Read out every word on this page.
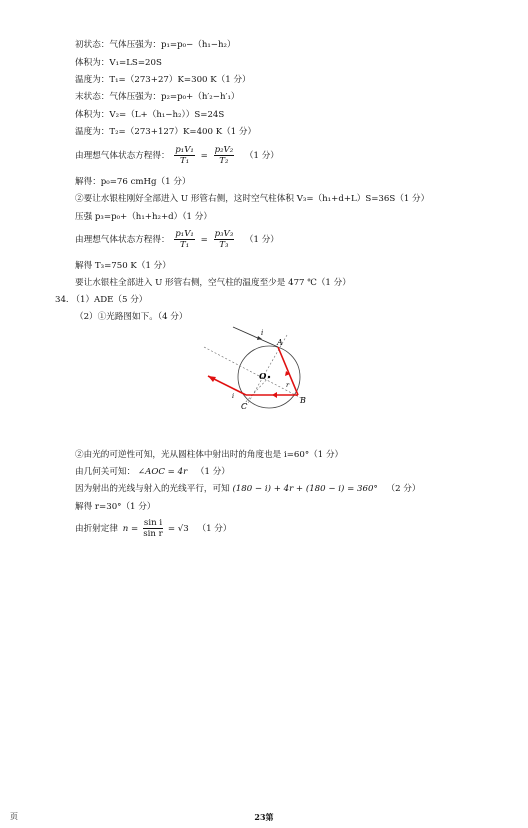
初状态：气体压强为：p₁=p₀−（h₁−h₂）
体积为：V₁=LS=20S
温度为：T₁=（273+27）K=300 K（1 分）
末状态：气体压强为：p₂=p₀+（h′₂−h′₁）
体积为：V₂=（L+（h₁−h₂））S=24S
温度为：T₂=（273+127）K=400 K（1 分）
由理想气体状态方程得： $\frac{\text{p₁V₁}}{\text{T₁}} = \frac{\text{p₂V₂}}{\text{T₂}} (1$ 分）
解得：p₀=76 cmHg（1 分）
②要让水银柱刚好全部进入 U 形管右侧，这时空气柱体积 V₃=（h₁+d+L）S=36S（1 分）
压强 p₃=p₀+（h₁+h₂+d）（1 分）
由理想气体状态方程得： $\frac{\text{p₁V₁}}{\text{T₁}} = \frac{\text{p₃V₃}}{\text{T₃}} (1$ 分）
解得 T₃=750 K（1 分）
要让水银柱全部进入 U 形管右侧，空气柱的温度至少是 477 ℃（1 分）
34. （1）ADE（5 分）
（2）①光路图如下。（4 分）
i
A
O
r
B
C
i
②由光的可逆性可知，光从圆柱体中射出时的角度也是 i=60°（1 分）
由几何关可知： ∠AOC = 4r （1 分）
因为射出的光线与射入的光线平行，可知 (180 − i) + 4r + (180 − i) = 360° （2 分）
解得 r=30°（1 分）
由折射定律 $n = \frac{\text{sin i}}{\text{sin r}} = √3$ （1 分）
页	23第
